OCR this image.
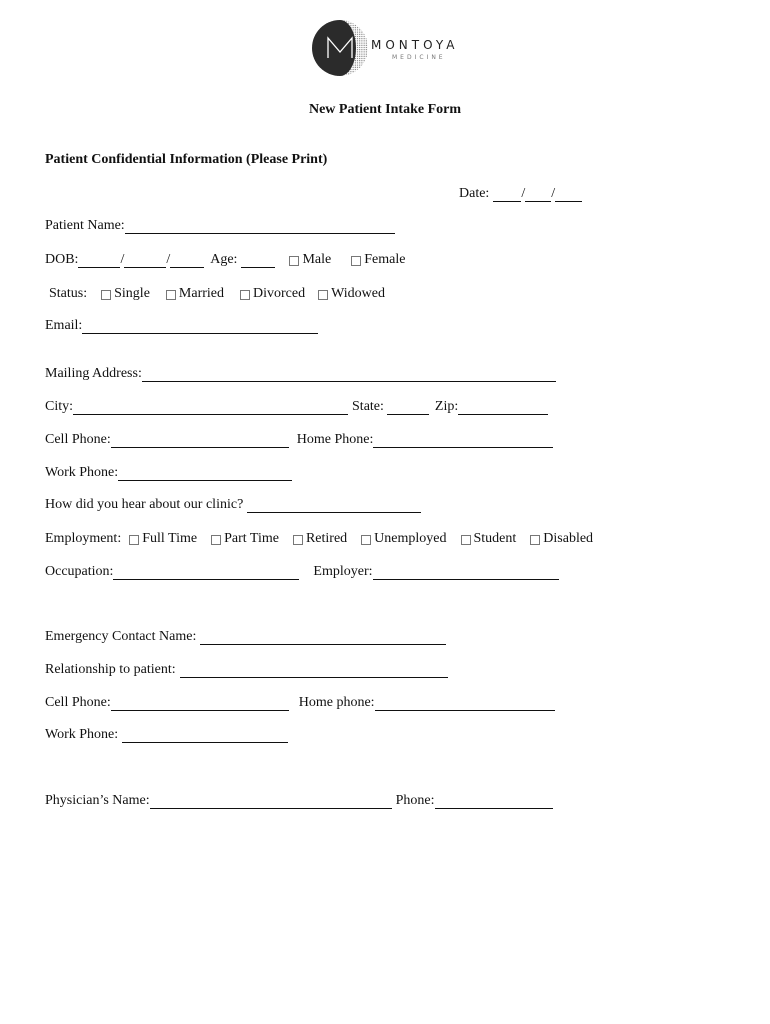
MONTOYA
MEDICINE
New Patient Intake Form
Patient Confidential Information (Please Print)
Date: / /
Patient Name:
DOB:	/	/	Age:	Male Female
Status: Single Married Divorced Widowed
Email:
Mailing Address:
City:	State:	Zip:
Cell Phone:	Home Phone:
Work Phone:
How did you hear about our clinic?
Employment: Full Time Part Time Retired Unemployed Student Disabled
Occupation:	Employer:
Emergency Contact Name:
Relationship to patient:
Cell Phone:	Home phone:
Work Phone:
Physician’s Name:	Phone:
